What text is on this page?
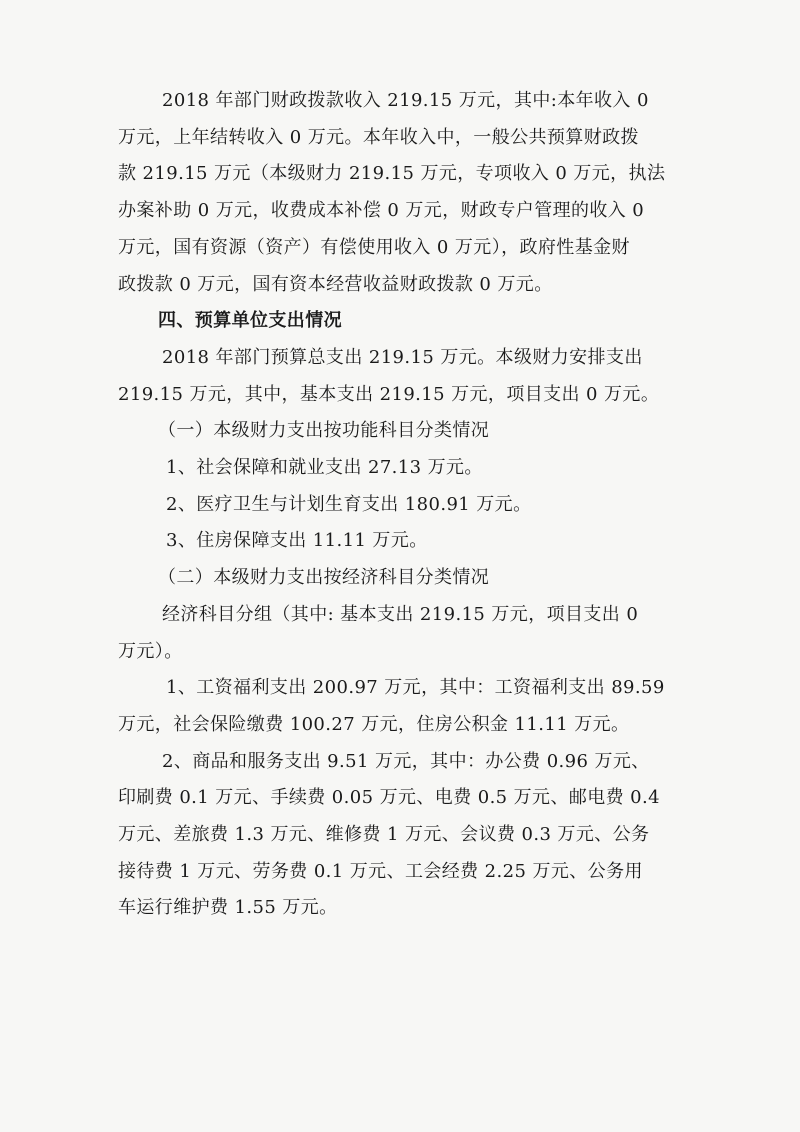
2018 年部门财政拨款收入 219.15 万元，其中:本年收入 0
万元，上年结转收入 0 万元。本年收入中，一般公共预算财政拨
款 219.15 万元（本级财力 219.15 万元，专项收入 0 万元，执法
办案补助 0 万元，收费成本补偿 0 万元，财政专户管理的收入 0
万元，国有资源（资产）有偿使用收入 0 万元），政府性基金财
政拨款 0 万元，国有资本经营收益财政拨款 0 万元。
四、预算单位支出情况
2018 年部门预算总支出 219.15 万元。本级财力安排支出
219.15 万元，其中，基本支出 219.15 万元，项目支出 0 万元。
（一）本级财力支出按功能科目分类情况
1、社会保障和就业支出 27.13 万元。
2、医疗卫生与计划生育支出 180.91 万元。
3、住房保障支出 11.11 万元。
（二）本级财力支出按经济科目分类情况
经济科目分组（其中: 基本支出 219.15 万元，项目支出 0
万元）。
1、工资福利支出 200.97 万元，其中：工资福利支出 89.59
万元，社会保险缴费 100.27 万元，住房公积金 11.11 万元。
2、商品和服务支出 9.51 万元，其中：办公费 0.96 万元、
印刷费 0.1 万元、手续费 0.05 万元、电费 0.5 万元、邮电费 0.4
万元、差旅费 1.3 万元、维修费 1 万元、会议费 0.3 万元、公务
接待费 1 万元、劳务费 0.1 万元、工会经费 2.25 万元、公务用
车运行维护费 1.55 万元。
